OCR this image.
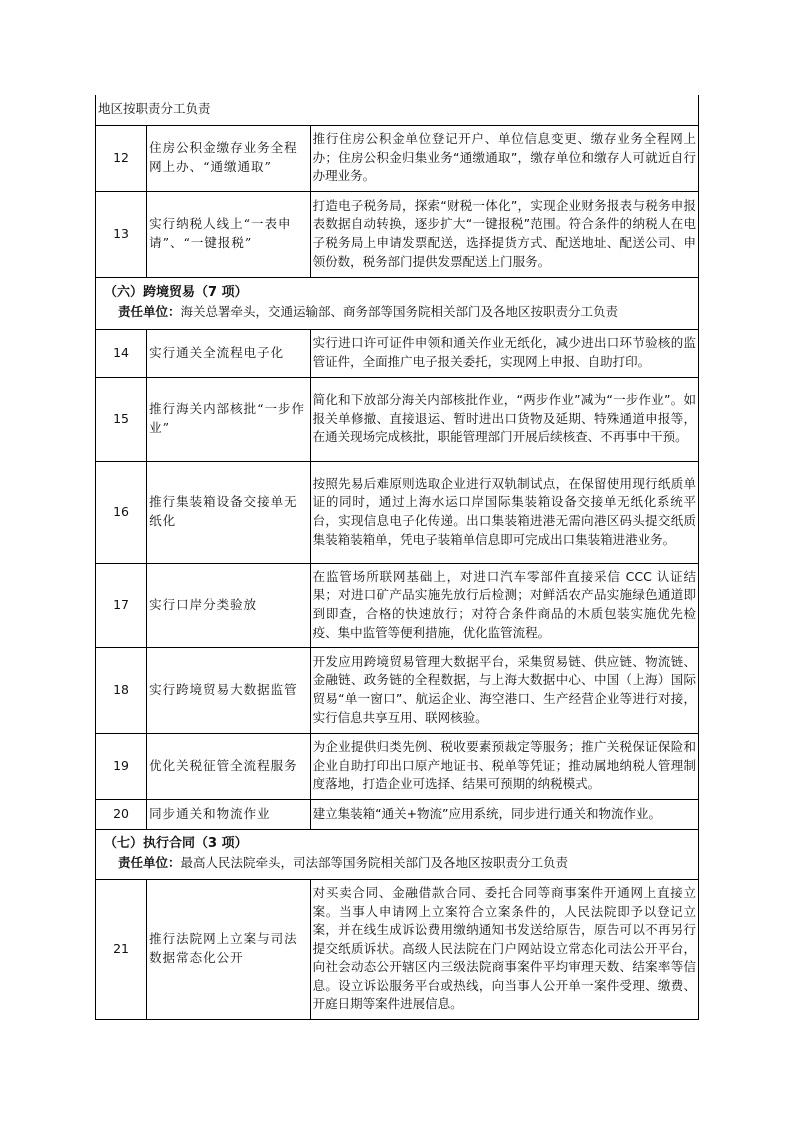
地区按职责分工负责		
12	住房公积金缴存业务全程网上办、“通缴通取”	推行住房公积金单位登记开户、单位信息变更、缴存业务全程网上办；住房公积金归集业务“通缴通取”，缴存单位和缴存人可就近自行办理业务。
13	实行纳税人线上“一表申请”、“一键报税”	打造电子税务局，探索“财税一体化”，实现企业财务报表与税务申报表数据自动转换，逐步扩大“一键报税”范围。符合条件的纳税人在电子税务局上申请发票配送，选择提货方式、配送地址、配送公司、申领份数，税务部门提供发票配送上门服务。

（六）跨境贸易（7 项）
责任单位：海关总署牵头，交通运输部、商务部等国务院相关部门及各地区按职责分工负责		

14	实行通关全流程电子化	实行进口许可证件申领和通关作业无纸化，减少进出口环节验核的监管证件，全面推广电子报关委托，实现网上申报、自助打印。
15	推行海关内部核批“一步作业”	简化和下放部分海关内部核批作业，“两步作业”减为“一步作业”。如报关单修撤、直接退运、暂时进出口货物及延期、特殊通道申报等，在通关现场完成核批，职能管理部门开展后续核查、不再事中干预。
16	推行集装箱设备交接单无纸化	按照先易后难原则选取企业进行双轨制试点，在保留使用现行纸质单证的同时，通过上海水运口岸国际集装箱设备交接单无纸化系统平台，实现信息电子化传递。出口集装箱进港无需向港区码头提交纸质集装箱装箱单，凭电子装箱单信息即可完成出口集装箱进港业务。
17	实行口岸分类验放	在监管场所联网基础上，对进口汽车零部件直接采信 CCC 认证结果；对进口矿产品实施先放行后检测；对鲜活农产品实施绿色通道即到即查，合格的快速放行；对符合条件商品的木质包装实施优先检疫、集中监管等便利措施，优化监管流程。
18	实行跨境贸易大数据监管	开发应用跨境贸易管理大数据平台，采集贸易链、供应链、物流链、金融链、政务链的全程数据，与上海大数据中心、中国（上海）国际贸易“单一窗口”、航运企业、海空港口、生产经营企业等进行对接，实行信息共享互用、联网核验。
19	优化关税征管全流程服务	为企业提供归类先例、税收要素预裁定等服务；推广关税保证保险和企业自助打印出口原产地证书、税单等凭证；推动属地纳税人管理制度落地，打造企业可选择、结果可预期的纳税模式。
20	同步通关和物流作业	建立集装箱“通关+物流”应用系统，同步进行通关和物流作业。

（七）执行合同（3 项）
责任单位：最高人民法院牵头，司法部等国务院相关部门及各地区按职责分工负责		

21	推行法院网上立案与司法数据常态化公开	对买卖合同、金融借款合同、委托合同等商事案件开通网上直接立案。当事人申请网上立案符合立案条件的，人民法院即予以登记立案，并在线生成诉讼费用缴纳通知书发送给原告，原告可以不再另行提交纸质诉状。高级人民法院在门户网站设立常态化司法公开平台，向社会动态公开辖区内三级法院商事案件平均审理天数、结案率等信息。设立诉讼服务平台或热线，向当事人公开单一案件受理、缴费、开庭日期等案件进展信息。
